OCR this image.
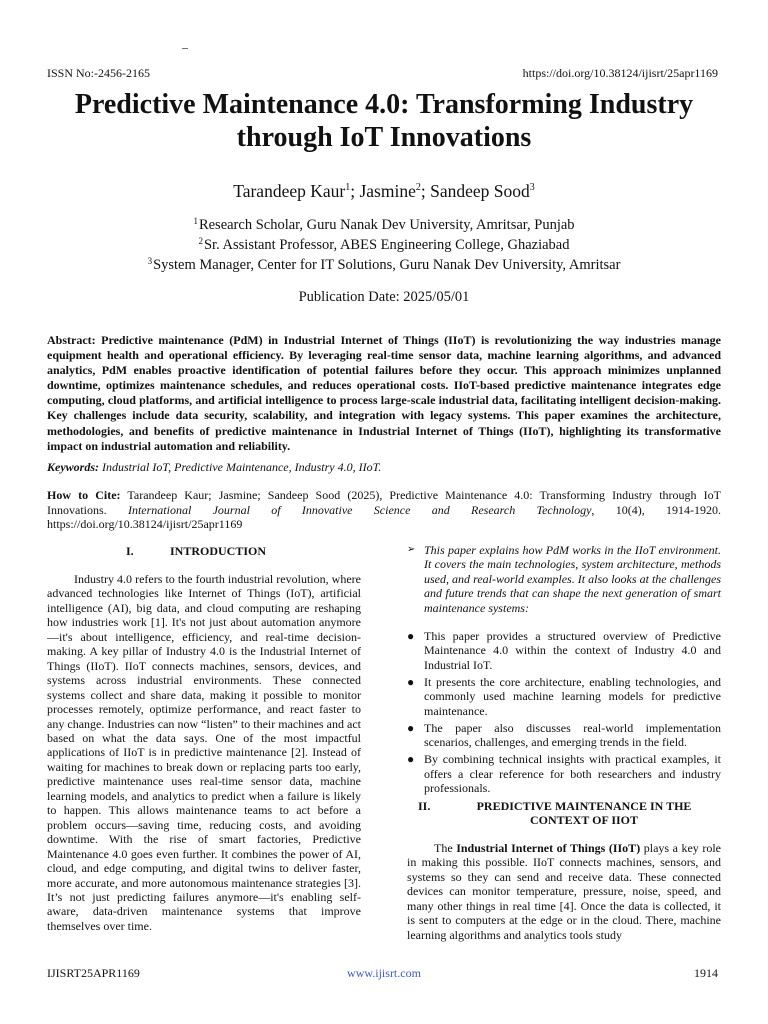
–
ISSN No:-2456-2165	https://doi.org/10.38124/ijisrt/25apr1169
Predictive Maintenance 4.0: Transforming Industry through IoT Innovations
Tarandeep Kaur$^1$; Jasmine$^2$; Sandeep Sood$^3$
$^1$Research Scholar, Guru Nanak Dev University, Amritsar, Punjab
$^2$Sr. Assistant Professor, ABES Engineering College, Ghaziabad
$^3$System Manager, Center for IT Solutions, Guru Nanak Dev University, Amritsar
Publication Date: 2025/05/01

Abstract: Predictive maintenance (PdM) in Industrial Internet of Things (IIoT) is revolutionizing the way industries manage equipment health and operational efficiency. By leveraging real-time sensor data, machine learning algorithms, and advanced analytics, PdM enables proactive identification of potential failures before they occur. This approach minimizes unplanned downtime, optimizes maintenance schedules, and reduces operational costs. IIoT-based predictive maintenance integrates edge computing, cloud platforms, and artificial intelligence to process large-scale industrial data, facilitating intelligent decision-making. Key challenges include data security, scalability, and integration with legacy systems. This paper examines the architecture, methodologies, and benefits of predictive maintenance in Industrial Internet of Things (IIoT), highlighting its transformative impact on industrial automation and reliability.

Keywords: Industrial IoT, Predictive Maintenance, Industry 4.0, IIoT.

How to Cite: Tarandeep Kaur; Jasmine; Sandeep Sood (2025), Predictive Maintenance 4.0: Transforming Industry through IoT Innovations. International Journal of Innovative Science and Research Technology, 10(4), 1914-1920. https://doi.org/10.38124/ijisrt/25apr1169

I.	INTRODUCTION

Industry 4.0 refers to the fourth industrial revolution, where advanced technologies like Internet of Things (IoT), artificial intelligence (AI), big data, and cloud computing are reshaping how industries work [1]. It's not just about automation anymore—it's about intelligence, efficiency, and real-time decision-making. A key pillar of Industry 4.0 is the Industrial Internet of Things (IIoT). IIoT connects machines, sensors, devices, and systems across industrial environments. These connected systems collect and share data, making it possible to monitor processes remotely, optimize performance, and react faster to any change. Industries can now “listen” to their machines and act based on what the data says. One of the most impactful applications of IIoT is in predictive maintenance [2]. Instead of waiting for machines to break down or replacing parts too early, predictive maintenance uses real-time sensor data, machine learning models, and analytics to predict when a failure is likely to happen. This allows maintenance teams to act before a problem occurs—saving time, reducing costs, and avoiding downtime. With the rise of smart factories, Predictive Maintenance 4.0 goes even further. It combines the power of AI, cloud, and edge computing, and digital twins to deliver faster, more accurate, and more autonomous maintenance strategies [3]. It’s not just predicting failures anymore—it's enabling self-aware, data-driven maintenance systems that improve themselves over time.

➢ This paper explains how PdM works in the IIoT environment. It covers the main technologies, system architecture, methods used, and real-world examples. It also looks at the challenges and future trends that can shape the next generation of smart maintenance systems:
● This paper provides a structured overview of Predictive Maintenance 4.0 within the context of Industry 4.0 and Industrial IoT.
● It presents the core architecture, enabling technologies, and commonly used machine learning models for predictive maintenance.
● The paper also discusses real-world implementation scenarios, challenges, and emerging trends in the field.
● By combining technical insights with practical examples, it offers a clear reference for both researchers and industry professionals.
II.	PREDICTIVE MAINTENANCE IN THE CONTEXT OF IIOT

The Industrial Internet of Things (IIoT) plays a key role in making this possible. IIoT connects machines, sensors, and systems so they can send and receive data. These connected devices can monitor temperature, pressure, noise, speed, and many other things in real time [4]. Once the data is collected, it is sent to computers at the edge or in the cloud. There, machine learning algorithms and analytics tools study

IJISRT25APR1169	www.ijisrt.com	1914
